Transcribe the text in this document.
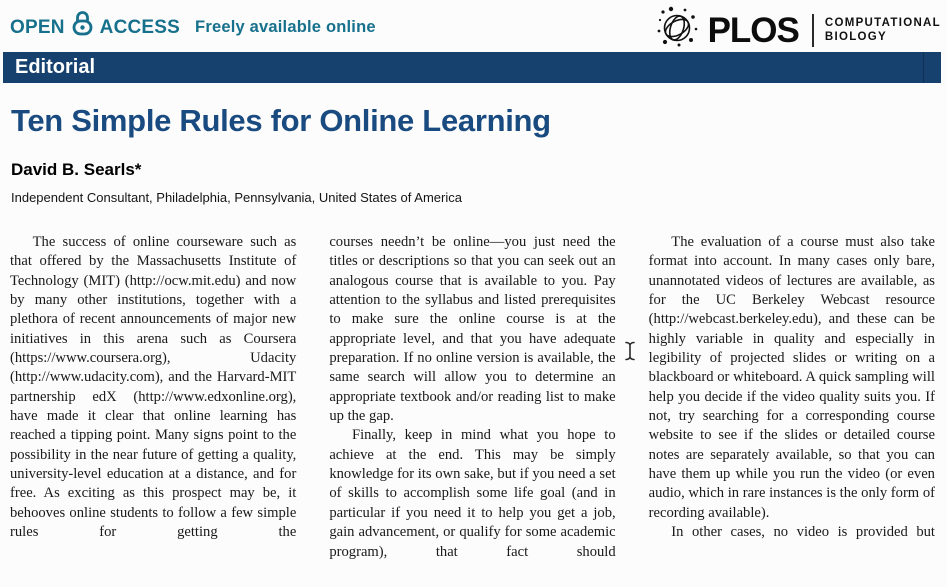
OPEN ACCESS Freely available online	PLOS COMPUTATIONAL
BIOLOGY
Editorial
Ten Simple Rules for Online Learning
David B. Searls*
Independent Consultant, Philadelphia, Pennsylvania, United States of America

The success of online courseware such as that offered by the Massachusetts Institute of Technology (MIT) (http://ocw.mit.edu) and now by many other institutions, together with a plethora of recent announcements of major new initiatives in this arena such as Coursera (https://www.coursera.org), Udacity (http://www.udacity.com), and the Harvard-MIT partnership edX (http://www.edxonline.org), have made it clear that online learning has reached a tipping point. Many signs point to the possibility in the near future of getting a quality, university-level education at a distance, and for free. As exciting as this prospect may be, it behooves online students to follow a few simple rules for getting the

courses needn’t be online—you just need the titles or descriptions so that you can seek out an analogous course that is available to you. Pay attention to the syllabus and listed prerequisites to make sure the online course is at the appropriate level, and that you have adequate preparation. If no online version is available, the same search will allow you to determine an appropriate textbook and/or reading list to make up the gap.

Finally, keep in mind what you hope to achieve at the end. This may be simply knowledge for its own sake, but if you need a set of skills to accomplish some life goal (and in particular if you need it to help you get a job, gain advancement, or qualify for some academic program), that fact should

The evaluation of a course must also take format into account. In many cases only bare, unannotated videos of lectures are available, as for the UC Berkeley Webcast resource (http://webcast.berkeley.edu), and these can be highly variable in quality and especially in legibility of projected slides or writing on a blackboard or whiteboard. A quick sampling will help you decide if the video quality suits you. If not, try searching for a corresponding course website to see if the slides or detailed course notes are separately available, so that you can have them up while you run the video (or even audio, which in rare instances is the only form of recording available).

In other cases, no video is provided but
